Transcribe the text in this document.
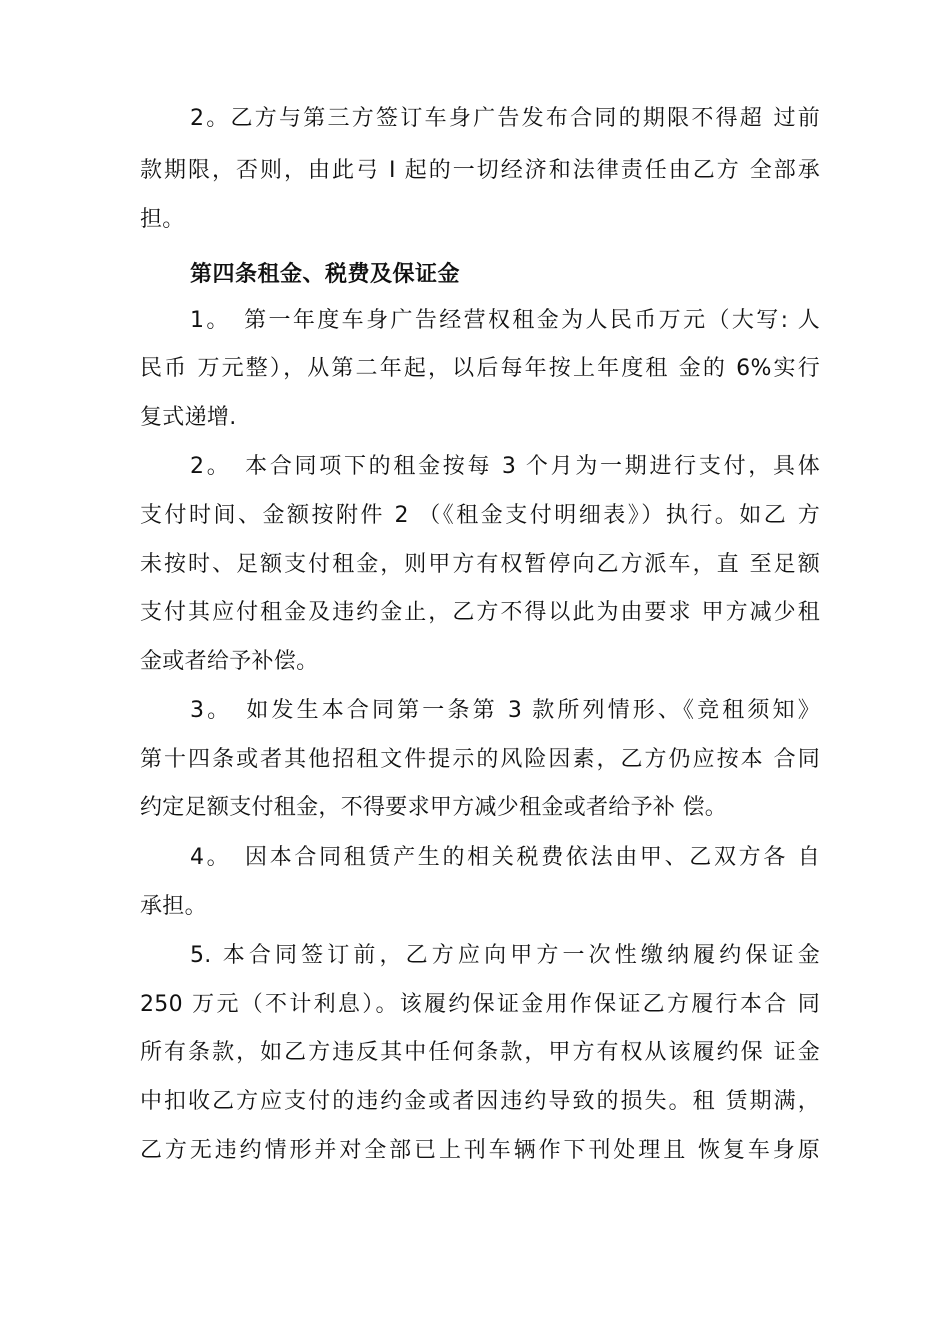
2。乙方与第三方签订车身广告发布合同的期限不得超 过前
款期限，否则，由此弓 I 起的一切经济和法律责任由乙方 全部承
担。
第四条租金、税费及保证金
1。　第一年度车身广告经营权租金为人民币万元（大写: 人
民币 万元整），从第二年起，以后每年按上年度租 金的 6%实行
复式递增.
2。　本合同项下的租金按每 3 个月为一期进行支付，具体
支付时间、金额按附件 2 （《租金支付明细表》）执行。如乙 方
未按时、足额支付租金，则甲方有权暂停向乙方派车，直 至足额
支付其应付租金及违约金止，乙方不得以此为由要求 甲方减少租
金或者给予补偿。
3。　如发生本合同第一条第 3 款所列情形、《竞租须知》
第十四条或者其他招租文件提示的风险因素，乙方仍应按本 合同
约定足额支付租金，不得要求甲方减少租金或者给予补 偿。
4。　因本合同租赁产生的相关税费依法由甲、乙双方各 自
承担。
5. 本合同签订前，乙方应向甲方一次性缴纳履约保证金
250 万元（不计利息）。该履约保证金用作保证乙方履行本合 同
所有条款，如乙方违反其中任何条款，甲方有权从该履约保 证金
中扣收乙方应支付的违约金或者因违约导致的损失。租 赁期满，
乙方无违约情形并对全部已上刊车辆作下刊处理且 恢复车身原
